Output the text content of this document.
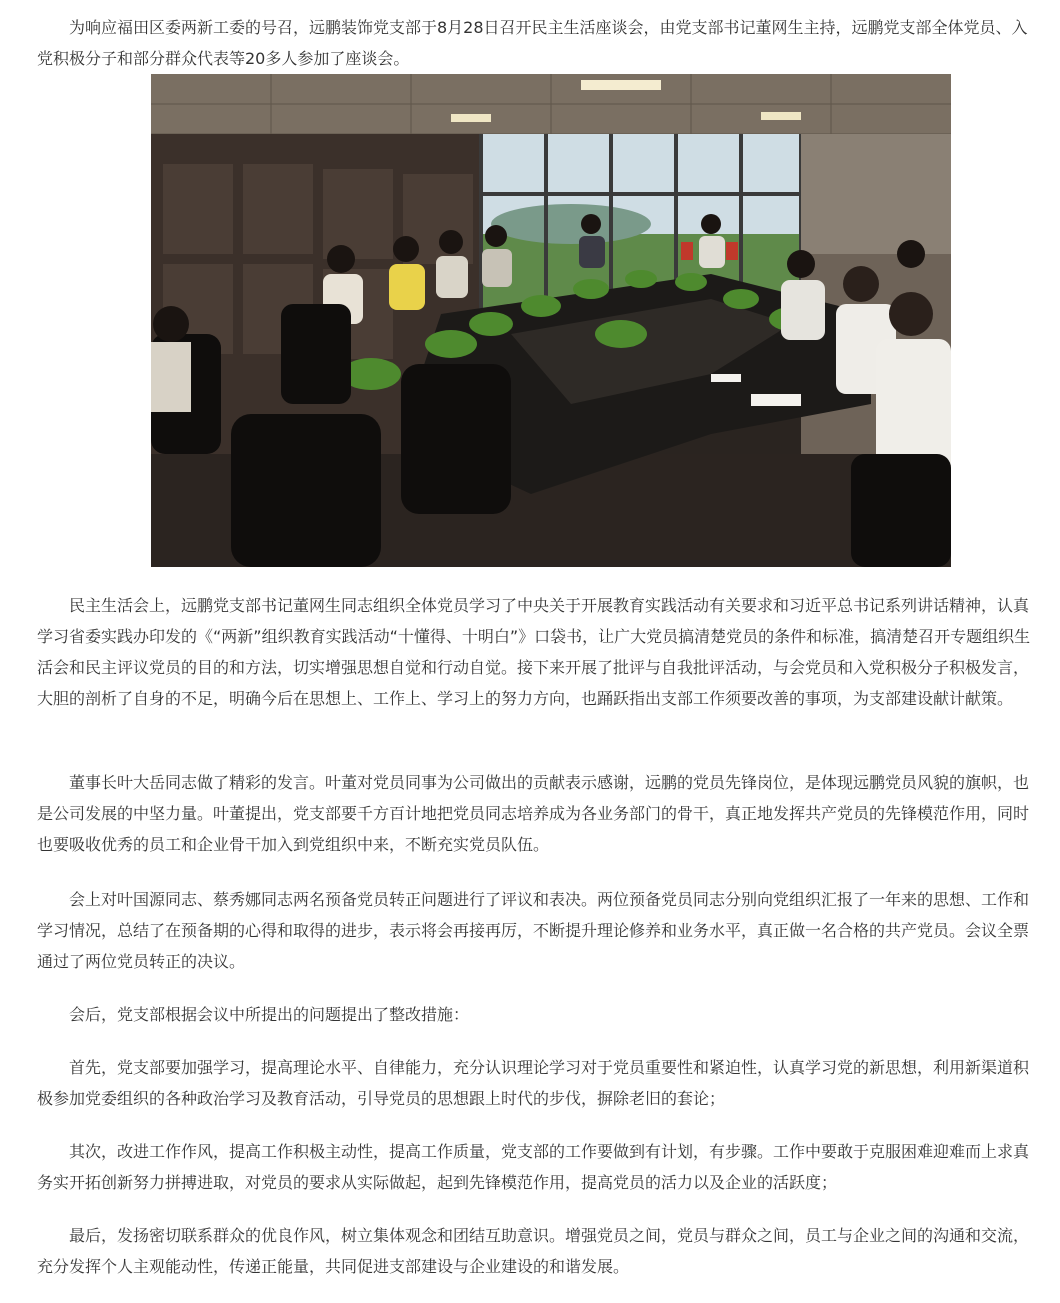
为响应福田区委两新工委的号召，远鹏装饰党支部于8月28日召开民主生活座谈会，由党支部书记董网生主持，远鹏党支部全体党员、入党积极分子和部分群众代表等20多人参加了座谈会。

民主生活会上，远鹏党支部书记董网生同志组织全体党员学习了中央关于开展教育实践活动有关要求和习近平总书记系列讲话精神，认真学习省委实践办印发的《“两新”组织教育实践活动“十懂得、十明白”》口袋书，让广大党员搞清楚党员的条件和标准，搞清楚召开专题组织生活会和民主评议党员的目的和方法，切实增强思想自觉和行动自觉。接下来开展了批评与自我批评活动，与会党员和入党积极分子积极发言，大胆的剖析了自身的不足，明确今后在思想上、工作上、学习上的努力方向，也踊跃指出支部工作须要改善的事项，为支部建设献计献策。

董事长叶大岳同志做了精彩的发言。叶董对党员同事为公司做出的贡献表示感谢，远鹏的党员先锋岗位，是体现远鹏党员风貌的旗帜，也是公司发展的中坚力量。叶董提出，党支部要千方百计地把党员同志培养成为各业务部门的骨干，真正地发挥共产党员的先锋模范作用，同时也要吸收优秀的员工和企业骨干加入到党组织中来，不断充实党员队伍。

会上对叶国源同志、蔡秀娜同志两名预备党员转正问题进行了评议和表决。两位预备党员同志分别向党组织汇报了一年来的思想、工作和学习情况，总结了在预备期的心得和取得的进步，表示将会再接再厉，不断提升理论修养和业务水平，真正做一名合格的共产党员。会议全票通过了两位党员转正的决议。

会后，党支部根据会议中所提出的问题提出了整改措施：

首先，党支部要加强学习，提高理论水平、自律能力，充分认识理论学习对于党员重要性和紧迫性，认真学习党的新思想，利用新渠道积极参加党委组织的各种政治学习及教育活动，引导党员的思想跟上时代的步伐，摒除老旧的套论；

其次，改进工作作风，提高工作积极主动性，提高工作质量，党支部的工作要做到有计划，有步骤。工作中要敢于克服困难迎难而上求真务实开拓创新努力拼搏进取，对党员的要求从实际做起，起到先锋模范作用，提高党员的活力以及企业的活跃度；

最后，发扬密切联系群众的优良作风，树立集体观念和团结互助意识。增强党员之间，党员与群众之间，员工与企业之间的沟通和交流，充分发挥个人主观能动性，传递正能量，共同促进支部建设与企业建设的和谐发展。
